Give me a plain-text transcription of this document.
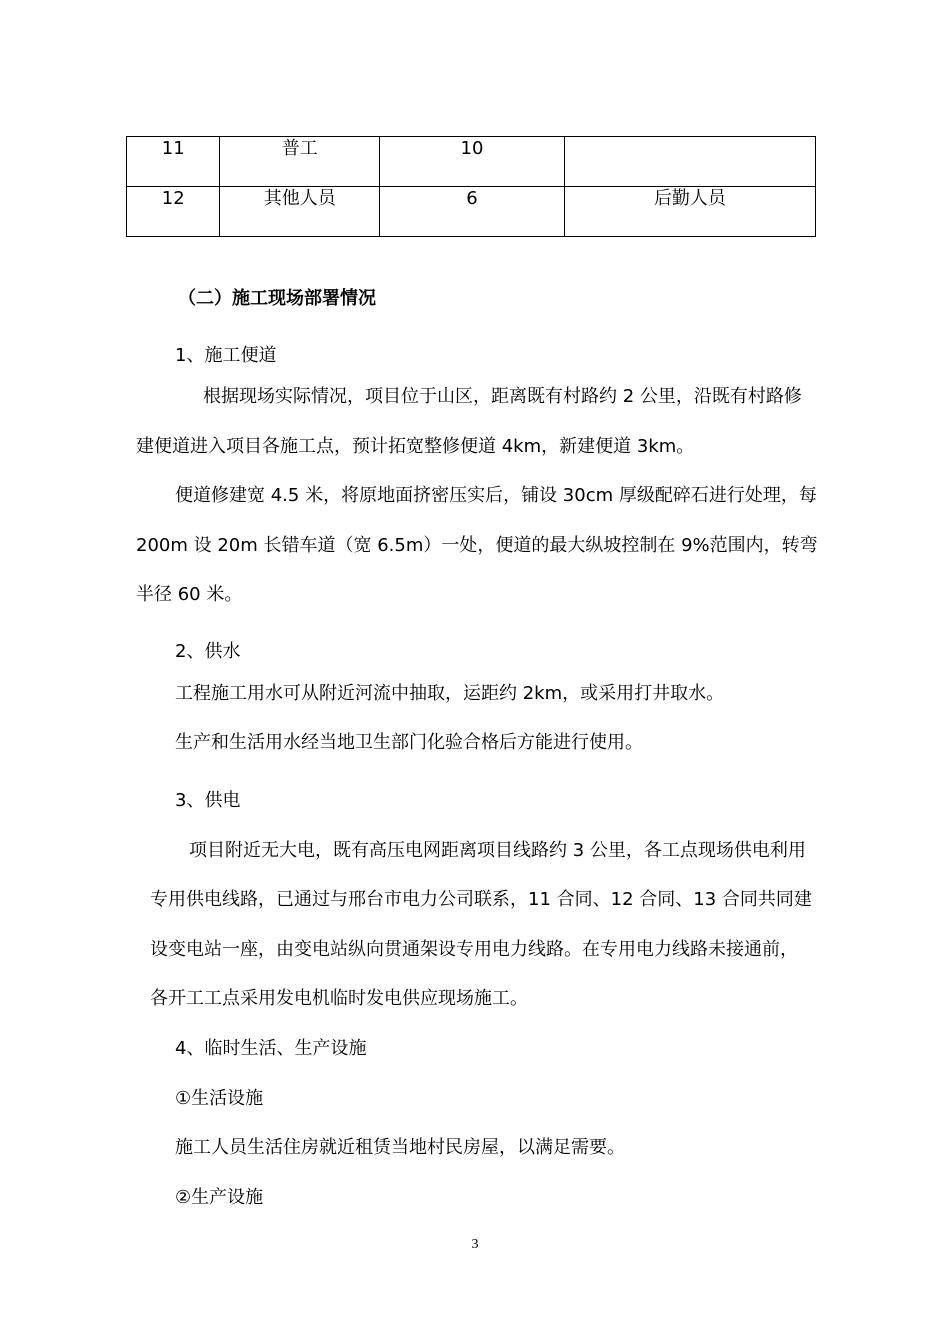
11	普工	10	
12	其他人员	6	后勤人员
（二）施工现场部署情况
1、施工便道
根据现场实际情况，项目位于山区，距离既有村路约 2 公里，沿既有村路修
建便道进入项目各施工点，预计拓宽整修便道 4km，新建便道 3km。
便道修建宽 4.5 米，将原地面挤密压实后，铺设 30cm 厚级配碎石进行处理，每
200m 设 20m 长错车道（宽 6.5m）一处，便道的最大纵坡控制在 9%范围内，转弯
半径 60 米。
2、供水
工程施工用水可从附近河流中抽取，运距约 2km，或采用打井取水。
生产和生活用水经当地卫生部门化验合格后方能进行使用。
3、供电
项目附近无大电，既有高压电网距离项目线路约 3 公里，各工点现场供电利用
专用供电线路，已通过与邢台市电力公司联系，11 合同、12 合同、13 合同共同建
设变电站一座，由变电站纵向贯通架设专用电力线路。在专用电力线路未接通前，
各开工工点采用发电机临时发电供应现场施工。
4、临时生活、生产设施
①生活设施
施工人员生活住房就近租赁当地村民房屋，以满足需要。
②生产设施
3
